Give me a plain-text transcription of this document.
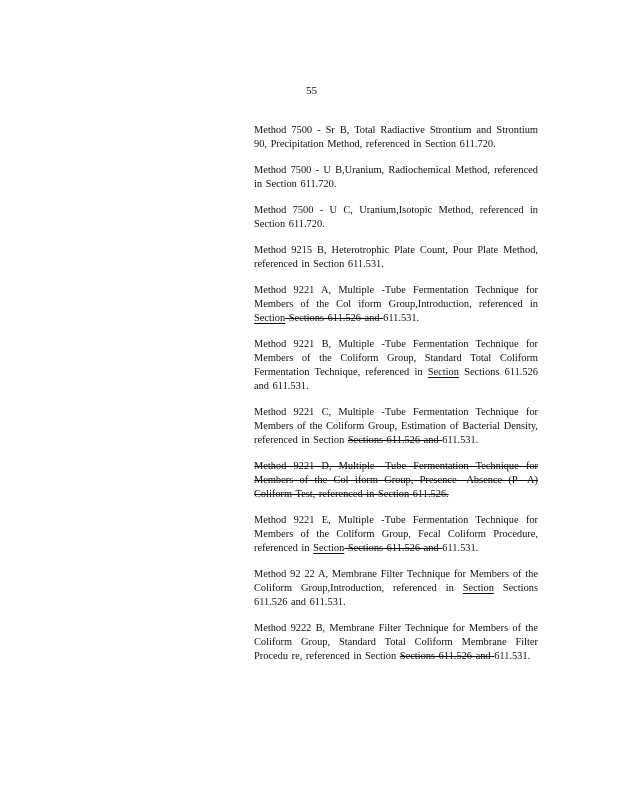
55

Method 7500 - Sr B, Total Radiactive Strontium and Strontium 90, Precipitation Method, referenced in Section 611.720.

Method 7500 - U B,Uranium, Radiochemical Method, referenced in Section 611.720.

Method 7500 - U C, Uranium,Isotopic Method, referenced in Section 611.720.

Method 9215 B, Heterotrophic Plate Count, Pour Plate Method, referenced in Section 611.531.

Method 9221 A, Multiple -Tube Fermentation Technique for Members of the Col iform Group,Introduction, referenced in Section Sections 611.526 and 611.531.

Method 9221 B, Multiple -Tube Fermentation Technique for Members of the Coliform Group, Standard Total Coliform Fermentation Technique, referenced in Section Sections 611.526 and 611.531.

Method 9221 C, Multiple -Tube Fermentation Technique for Members of the Coliform Group, Estimation of Bacterial Density, referenced in Section Sections 611.526 and 611.531.

Method 9221 D, Multiple -Tube Fermentation Technique for Members of the Col iform Group, Presence -Absence (P -A) Coliform Test, referenced in Section 611.526.

Method 9221 E, Multiple -Tube Fermentation Technique for Members of the Coliform Group, Fecal Coliform Procedure, referenced in Section Sections 611.526 and 611.531.

Method 92 22 A, Membrane Filter Technique for Members of the Coliform Group,Introduction, referenced in Section Sections 611.526 and 611.531.

Method 9222 B, Membrane Filter Technique for Members of the Coliform Group, Standard Total Coliform Membrane Filter Procedu re, referenced in Section Sections 611.526 and 611.531.
